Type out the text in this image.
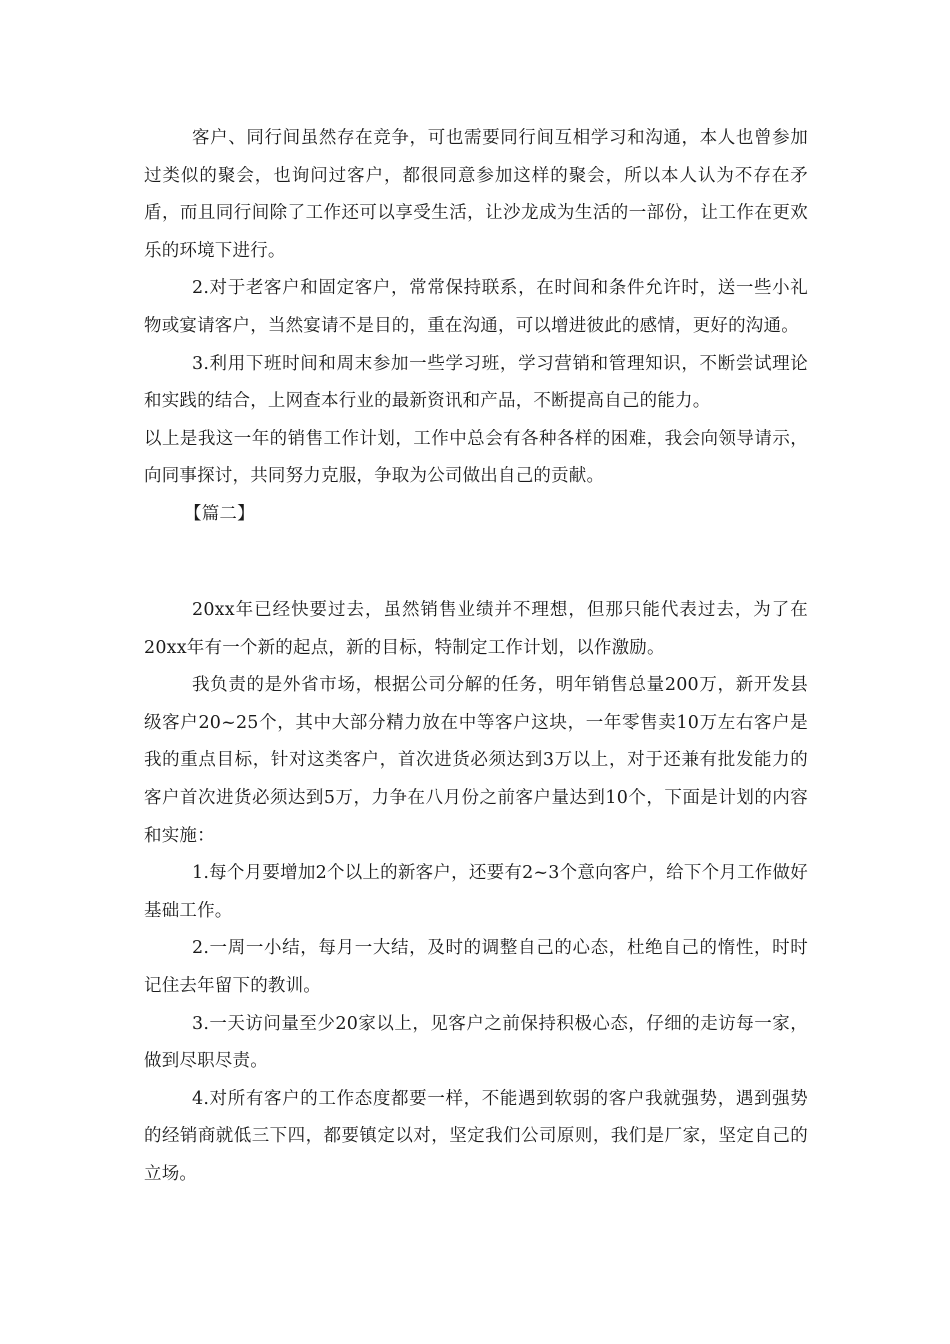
客户、同行间虽然存在竞争，可也需要同行间互相学习和沟通，本人也曾参加过类似的聚会，也询问过客户，都很同意参加这样的聚会，所以本人认为不存在矛盾，而且同行间除了工作还可以享受生活，让沙龙成为生活的一部份，让工作在更欢乐的环境下进行。

2.对于老客户和固定客户，常常保持联系，在时间和条件允许时，送一些小礼物或宴请客户，当然宴请不是目的，重在沟通，可以增进彼此的感情，更好的沟通。

3.利用下班时间和周末参加一些学习班，学习营销和管理知识，不断尝试理论和实践的结合，上网查本行业的最新资讯和产品，不断提高自己的能力。

以上是我这一年的销售工作计划，工作中总会有各种各样的困难，我会向领导请示，向同事探讨，共同努力克服，争取为公司做出自己的贡献。

【篇二】

20xx年已经快要过去，虽然销售业绩并不理想，但那只能代表过去，为了在20xx年有一个新的起点，新的目标，特制定工作计划，以作激励。

我负责的是外省市场，根据公司分解的任务，明年销售总量200万，新开发县级客户20~25个，其中大部分精力放在中等客户这块，一年零售卖10万左右客户是我的重点目标，针对这类客户，首次进货必须达到3万以上，对于还兼有批发能力的客户首次进货必须达到5万，力争在八月份之前客户量达到10个，下面是计划的内容和实施：

1.每个月要增加2个以上的新客户，还要有2~3个意向客户，给下个月工作做好基础工作。

2.一周一小结，每月一大结，及时的调整自己的心态，杜绝自己的惰性，时时记住去年留下的教训。

3.一天访问量至少20家以上，见客户之前保持积极心态，仔细的走访每一家，做到尽职尽责。

4.对所有客户的工作态度都要一样，不能遇到软弱的客户我就强势，遇到强势的经销商就低三下四，都要镇定以对，坚定我们公司原则，我们是厂家，坚定自己的立场。
